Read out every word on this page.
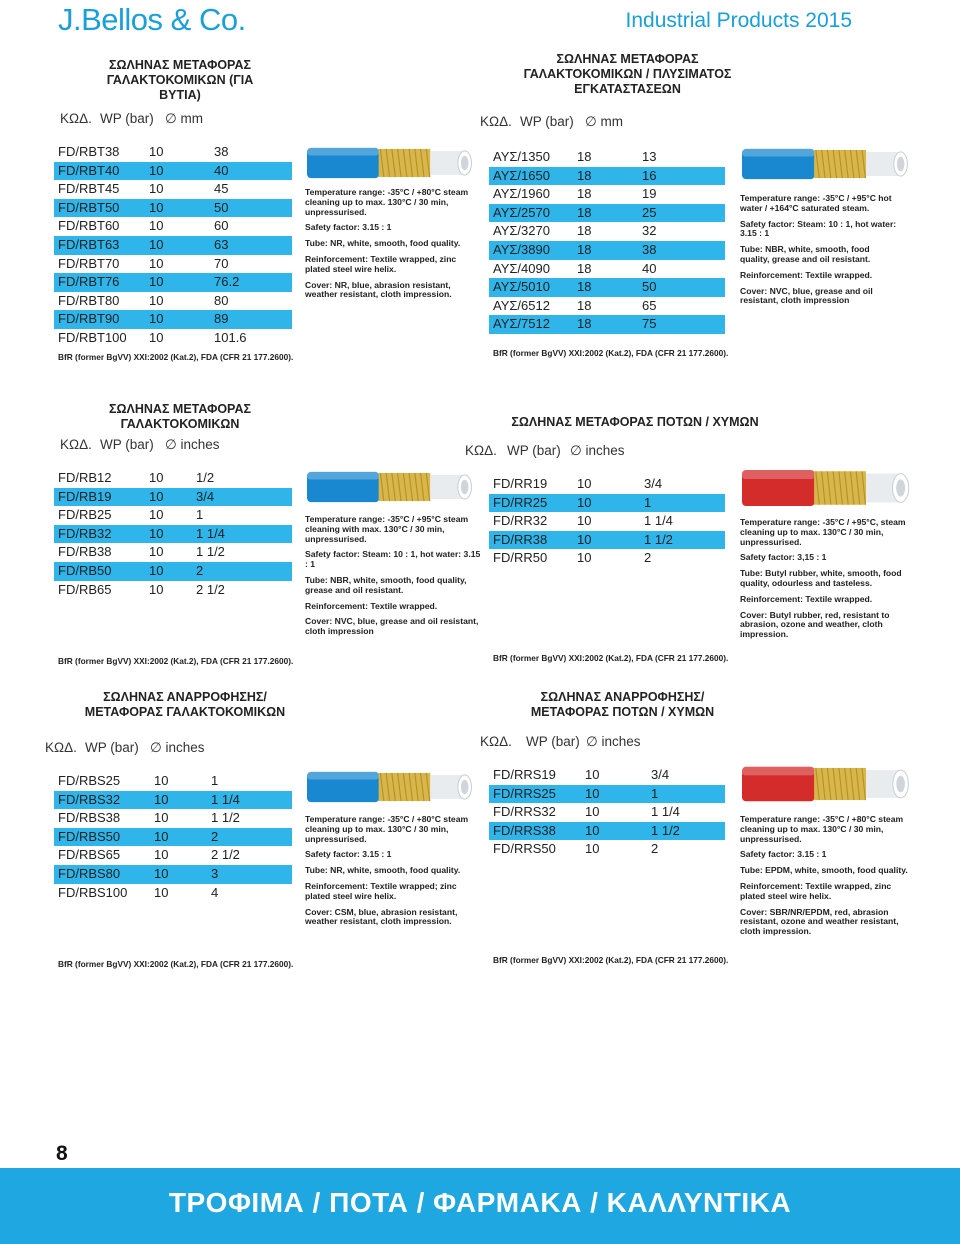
J.Bellos & Co.	Industrial Products 2015
ΣΩΛΗΝΑΣ ΜΕΤΑΦΟΡΑΣ
ΓΑΛΑΚΤΟΚΟΜΙΚΩΝ (ΓΙΑ ΒΥΤΙΑ)
ΚΩΔ. WP (bar) ∅ mm
FD/RBT38 10	38
FD/RBT40 10	40
FD/RBT45 10	45
FD/RBT50 10	50
FD/RBT60 10	60
FD/RBT63 10	63
FD/RBT70 10	70
FD/RBT76 10	76.2
FD/RBT80 10	80
FD/RBT90 10	89
FD/RBT100 10	101.6

Temperature range: -35°C / +80°C steam cleaning up to max. 130°C / 30 min, unpressurised.

Safety factor: 3.15 : 1

Tube: NR, white, smooth, food quality.

Reinforcement: Textile wrapped, zinc plated steel wire helix.

Cover: NR, blue, abrasion resistant, weather resistant, cloth impression.

BfR (former BgVV) XXI:2002 (Kat.2), FDA (CFR 21 177.2600).
ΣΩΛΗΝΑΣ ΜΕΤΑΦΟΡΑΣ
ΓΑΛΑΚΤΟΚΟΜΙΚΩΝ / ΠΛΥΣΙΜΑΤΟΣ
ΕΓΚΑΤΑΣΤΑΣΕΩΝ
ΚΩΔ. WP (bar) ∅ mm
ΑΥΣ/1350 18	13
ΑΥΣ/1650 18	16
ΑΥΣ/1960 18	19
ΑΥΣ/2570 18	25
ΑΥΣ/3270 18	32
ΑΥΣ/3890 18	38
ΑΥΣ/4090 18	40
ΑΥΣ/5010 18	50
ΑΥΣ/6512 18	65
ΑΥΣ/7512 18	75

Temperature range: -35°C / +95°C hot water / +164°C saturated steam.

Safety factor: Steam: 10 : 1, hot water: 3.15 : 1

Tube: NBR, white, smooth, food quality, grease and oil resistant.

Reinforcement: Textile wrapped.

Cover: NVC, blue, grease and oil resistant, cloth impression

BfR (former BgVV) XXI:2002 (Kat.2), FDA (CFR 21 177.2600).
ΣΩΛΗΝΑΣ ΜΕΤΑΦΟΡΑΣ
ΓΑΛΑΚΤΟΚΟΜΙΚΩΝ
ΚΩΔ. WP (bar) ∅ inches
FD/RB12	10	1/2
FD/RB19	10	3/4
FD/RB25	10	1
FD/RB32	10	1 1/4
FD/RB38	10	1 1/2
FD/RB50	10	2
FD/RB65	10	2 1/2

Temperature range: -35°C / +95°C steam cleaning with max. 130°C / 30 min, unpressurised.

Safety factor: Steam: 10 : 1, hot water: 3.15 : 1

Tube: NBR, white, smooth, food quality, grease and oil resistant.

Reinforcement: Textile wrapped.

Cover: NVC, blue, grease and oil resistant, cloth impression

BfR (former BgVV) XXI:2002 (Kat.2), FDA (CFR 21 177.2600).
ΣΩΛΗΝΑΣ ΜΕΤΑΦΟΡΑΣ ΠΟΤΩΝ / ΧΥΜΩΝ
ΚΩΔ. WP (bar) ∅ inches
FD/RR19 10	3/4
FD/RR25 10	1
FD/RR32 10	1 1/4
FD/RR38 10	1 1/2
FD/RR50 10	2

Temperature range: -35°C / +95°C, steam cleaning up to max. 130°C / 30 min, unpressurised.

Safety factor: 3,15 : 1

Tube: Butyl rubber, white, smooth, food quality, odourless and tasteless.

Reinforcement: Textile wrapped.

Cover: Butyl rubber, red, resistant to abrasion, ozone and weather, cloth impression.

BfR (former BgVV) XXI:2002 (Kat.2), FDA (CFR 21 177.2600).
ΣΩΛΗΝΑΣ ΑΝΑΡΡΟΦΗΣΗΣ/
ΜΕΤΑΦΟΡΑΣ ΓΑΛΑΚΤΟΚΟΜΙΚΩΝ
ΚΩΔ. WP (bar) ∅ inches
FD/RBS25	10	1
FD/RBS32	10	1 1/4
FD/RBS38	10	1 1/2
FD/RBS50	10	2
FD/RBS65	10	2 1/2
FD/RBS80	10	3
FD/RBS100 10	4

Temperature range: -35°C / +80°C steam cleaning up to max. 130°C / 30 min, unpressurised.

Safety factor: 3.15 : 1

Tube: NR, white, smooth, food quality.

Reinforcement: Textile wrapped; zinc plated steel wire helix.

Cover: CSM, blue, abrasion resistant, weather resistant, cloth impression.

BfR (former BgVV) XXI:2002 (Kat.2), FDA (CFR 21 177.2600).
ΣΩΛΗΝΑΣ ΑΝΑΡΡΟΦΗΣΗΣ/
ΜΕΤΑΦΟΡΑΣ ΠΟΤΩΝ / ΧΥΜΩΝ
ΚΩΔ. WP (bar) ∅ inches
FD/RRS19 10	3/4
FD/RRS25 10	1
FD/RRS32 10	1 1/4
FD/RRS38 10	1 1/2
FD/RRS50 10	2

Temperature range: -35°C / +80°C steam cleaning up to max. 130°C / 30 min, unpressurised.

Safety factor: 3.15 : 1

Tube: EPDM, white, smooth, food quality.

Reinforcement: Textile wrapped, zinc plated steel wire helix.

Cover: SBR/NR/EPDM, red, abrasion resistant, ozone and weather resistant, cloth impression.

BfR (former BgVV) XXI:2002 (Kat.2), FDA (CFR 21 177.2600).
8
ΤΡΟΦΙΜΑ / ΠΟΤΑ / ΦΑΡΜΑΚΑ / ΚΑΛΛΥΝΤΙΚΑ
